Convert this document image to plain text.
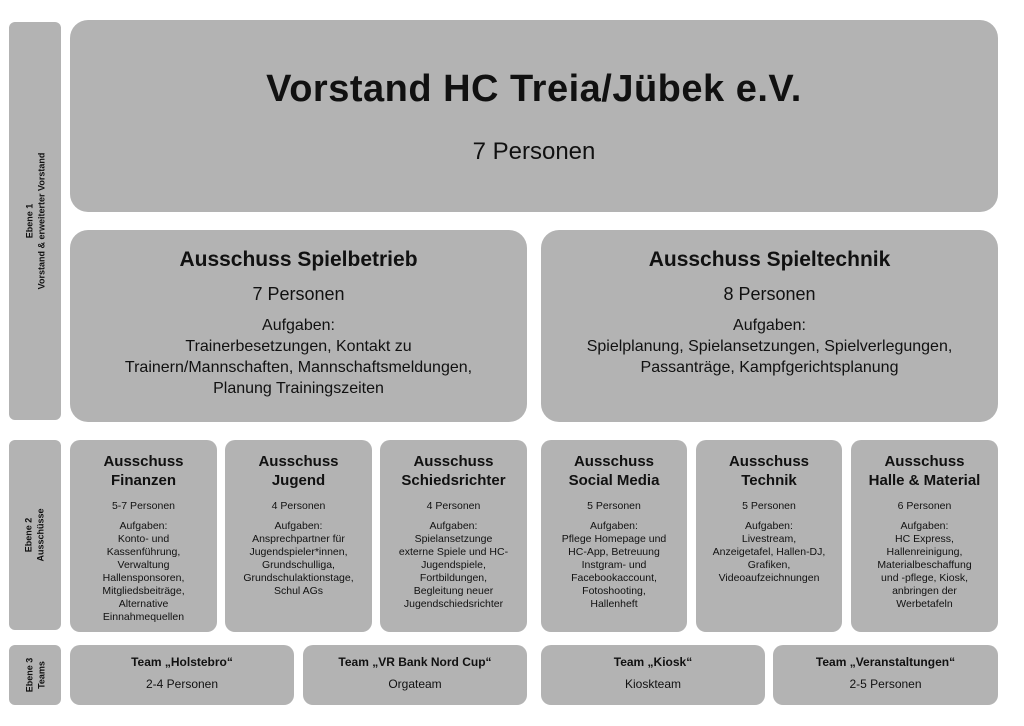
Ebene 1 Vorstand & erweiterter Vorstand
Ebene 2 Ausschüsse
Ebene 3 Teams
Vorstand HC Treia/Jübek e.V.
7 Personen
Ausschuss Spielbetrieb
7 Personen
Aufgaben:
Trainerbesetzungen, Kontakt zu
Trainern/Mannschaften, Mannschaftsmeldungen,
Planung Trainingszeiten
Ausschuss Spieltechnik
8 Personen
Aufgaben:
Spielplanung, Spielansetzungen, Spielverlegungen,
Passanträge, Kampfgerichtsplanung
Ausschuss
Finanzen
5-7 Personen
Aufgaben:
Konto- und
Kassenführung,
Verwaltung
Hallensponsoren,
Mitgliedsbeiträge,
Alternative
Einnahmequellen
Ausschuss
Jugend
4 Personen
Aufgaben:
Ansprechpartner für
Jugendspieler*innen,
Grundschulliga,
Grundschulaktionstage,
Schul AGs
Ausschuss
Schiedsrichter
4 Personen
Aufgaben:
Spielansetzunge
externe Spiele und HC-
Jugendspiele,
Fortbildungen,
Begleitung neuer
Jugendschiedsrichter
Ausschuss
Social Media
5 Personen
Aufgaben:
Pflege Homepage und
HC-App, Betreuung
Instgram- und
Facebookaccount,
Fotoshooting,
Hallenheft
Ausschuss
Technik
5 Personen
Aufgaben:
Livestream,
Anzeigetafel, Hallen-DJ,
Grafiken,
Videoaufzeichnungen
Ausschuss
Halle & Material
6 Personen
Aufgaben:
HC Express,
Hallenreinigung,
Materialbeschaffung
und -pflege, Kiosk,
anbringen der
Werbetafeln
Team „Holstebro“
2-4 Personen
Team „VR Bank Nord Cup“
Orgateam
Team „Kiosk“
Kioskteam
Team „Veranstaltungen“
2-5 Personen
